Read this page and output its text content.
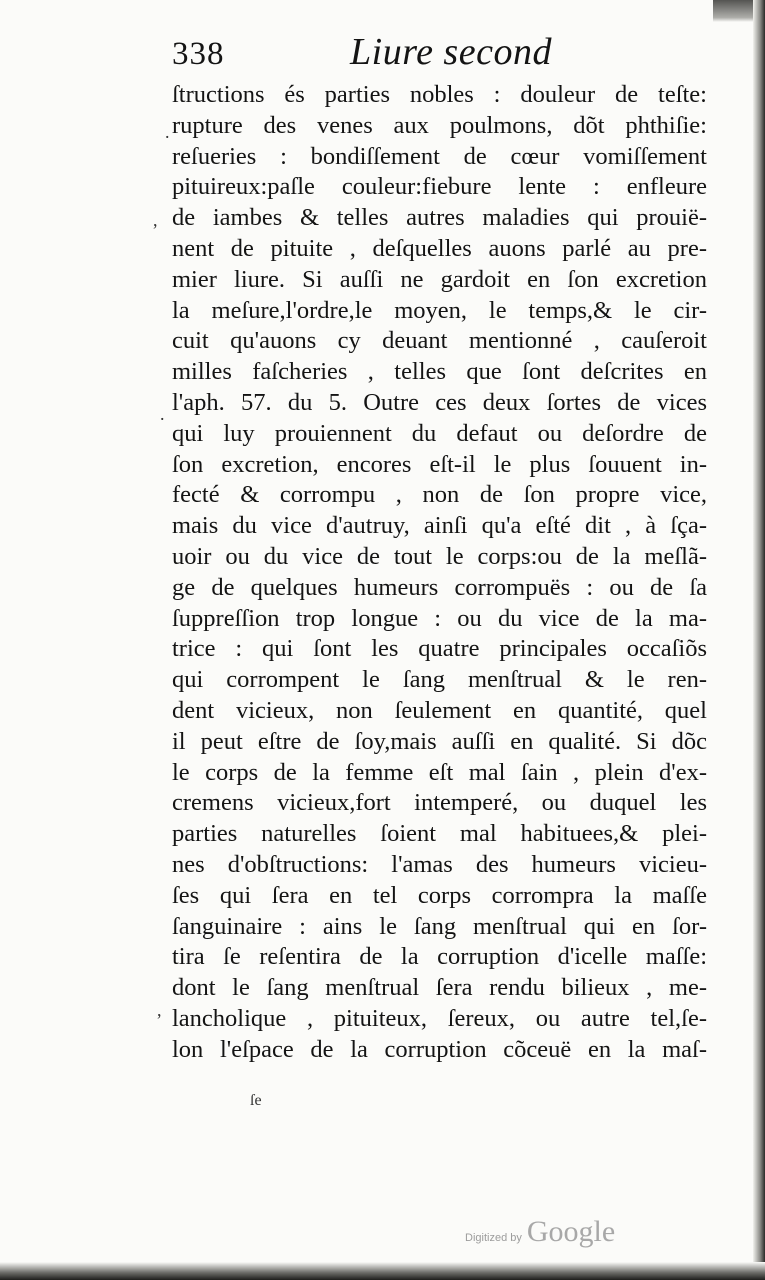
338	Liure second
.
,
.
,
ſtructions és parties nobles : douleur de teſte:
rupture des venes aux poulmons, dõt phthiſie:
reſueries : bondiſſement de cœur vomiſſement
pituireux:paſle couleur:fiebure lente : enfleure
de iambes & telles autres maladies qui prouië-
nent de pituite , deſquelles auons parlé au pre-
mier liure. Si auſſi ne gardoit en ſon excretion
la meſure,l'ordre,le moyen, le temps,& le cir-
cuit qu'auons cy deuant mentionné , cauſeroit
milles faſcheries , telles que ſont deſcrites en
l'aph. 57. du 5. Outre ces deux ſortes de vices
qui luy prouiennent du defaut ou deſordre de
ſon excretion, encores eſt-il le plus ſouuent in-
fecté & corrompu , non de ſon propre vice,
mais du vice d'autruy, ainſi qu'a eſté dit , à ſça-
uoir ou du vice de tout le corps:ou de la meſlã-
ge de quelques humeurs corrompuës : ou de ſa
ſuppreſſion trop longue : ou du vice de la ma-
trice : qui ſont les quatre principales occaſiõs
qui corrompent le ſang menſtrual & le ren-
dent vicieux, non ſeulement en quantité, quel
il peut eſtre de ſoy,mais auſſi en qualité. Si dõc
le corps de la femme eſt mal ſain , plein d'ex-
cremens vicieux,fort intemperé, ou duquel les
parties naturelles ſoient mal habituees,& plei-
nes d'obſtructions: l'amas des humeurs vicieu-
ſes qui ſera en tel corps corrompra la maſſe
ſanguinaire : ains le ſang menſtrual qui en ſor-
tira ſe reſentira de la corruption d'icelle maſſe:
dont le ſang menſtrual ſera rendu bilieux , me-
lancholique , pituiteux, ſereux, ou autre tel,ſe-
lon l'eſpace de la corruption cõceuë en la maſ-
ſe
Digitized by Google
